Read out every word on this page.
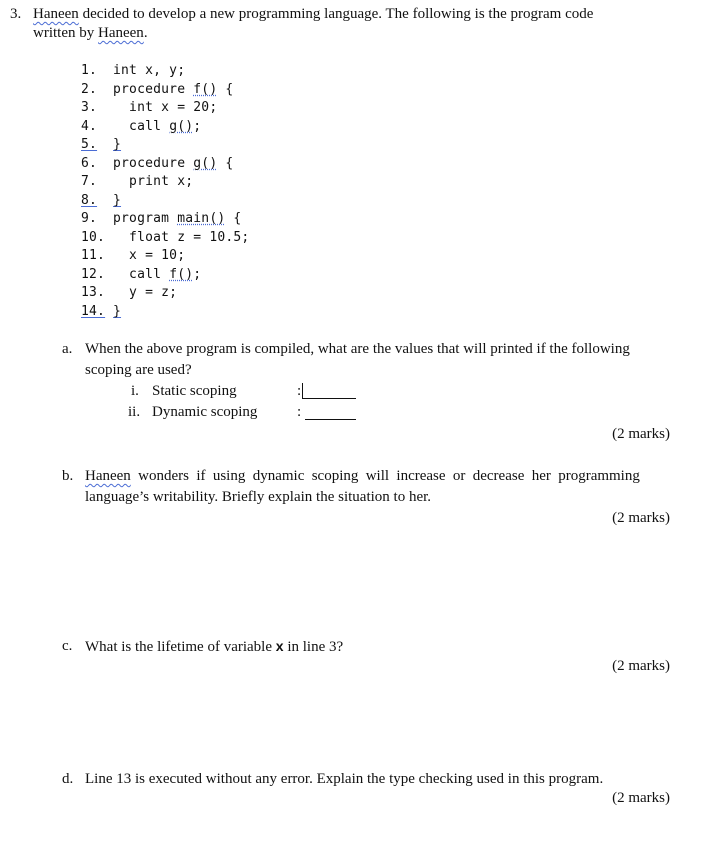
3. Haneen decided to develop a new programming language. The following is the program code
written by Haneen.
1. int x, y;
2. procedure f() {
3. int x = 20;
4. call g();
5. }
6. procedure g() {
7. print x;
8. }
9. program main() {
10. float z = 10.5;
11. x = 10;
12. call f();
13. y = z;
14. }
a. When the above program is compiled, what are the values that will printed if the following
scoping are used?
i. Static scoping	:
ii. Dynamic scoping	:
(2 marks)
b. Haneen wonders if using dynamic scoping will increase or decrease her programming
language’s writability. Briefly explain the situation to her.
(2 marks)
c. What is the lifetime of variable x in line 3?
(2 marks)
d. Line 13 is executed without any error. Explain the type checking used in this program.
(2 marks)
